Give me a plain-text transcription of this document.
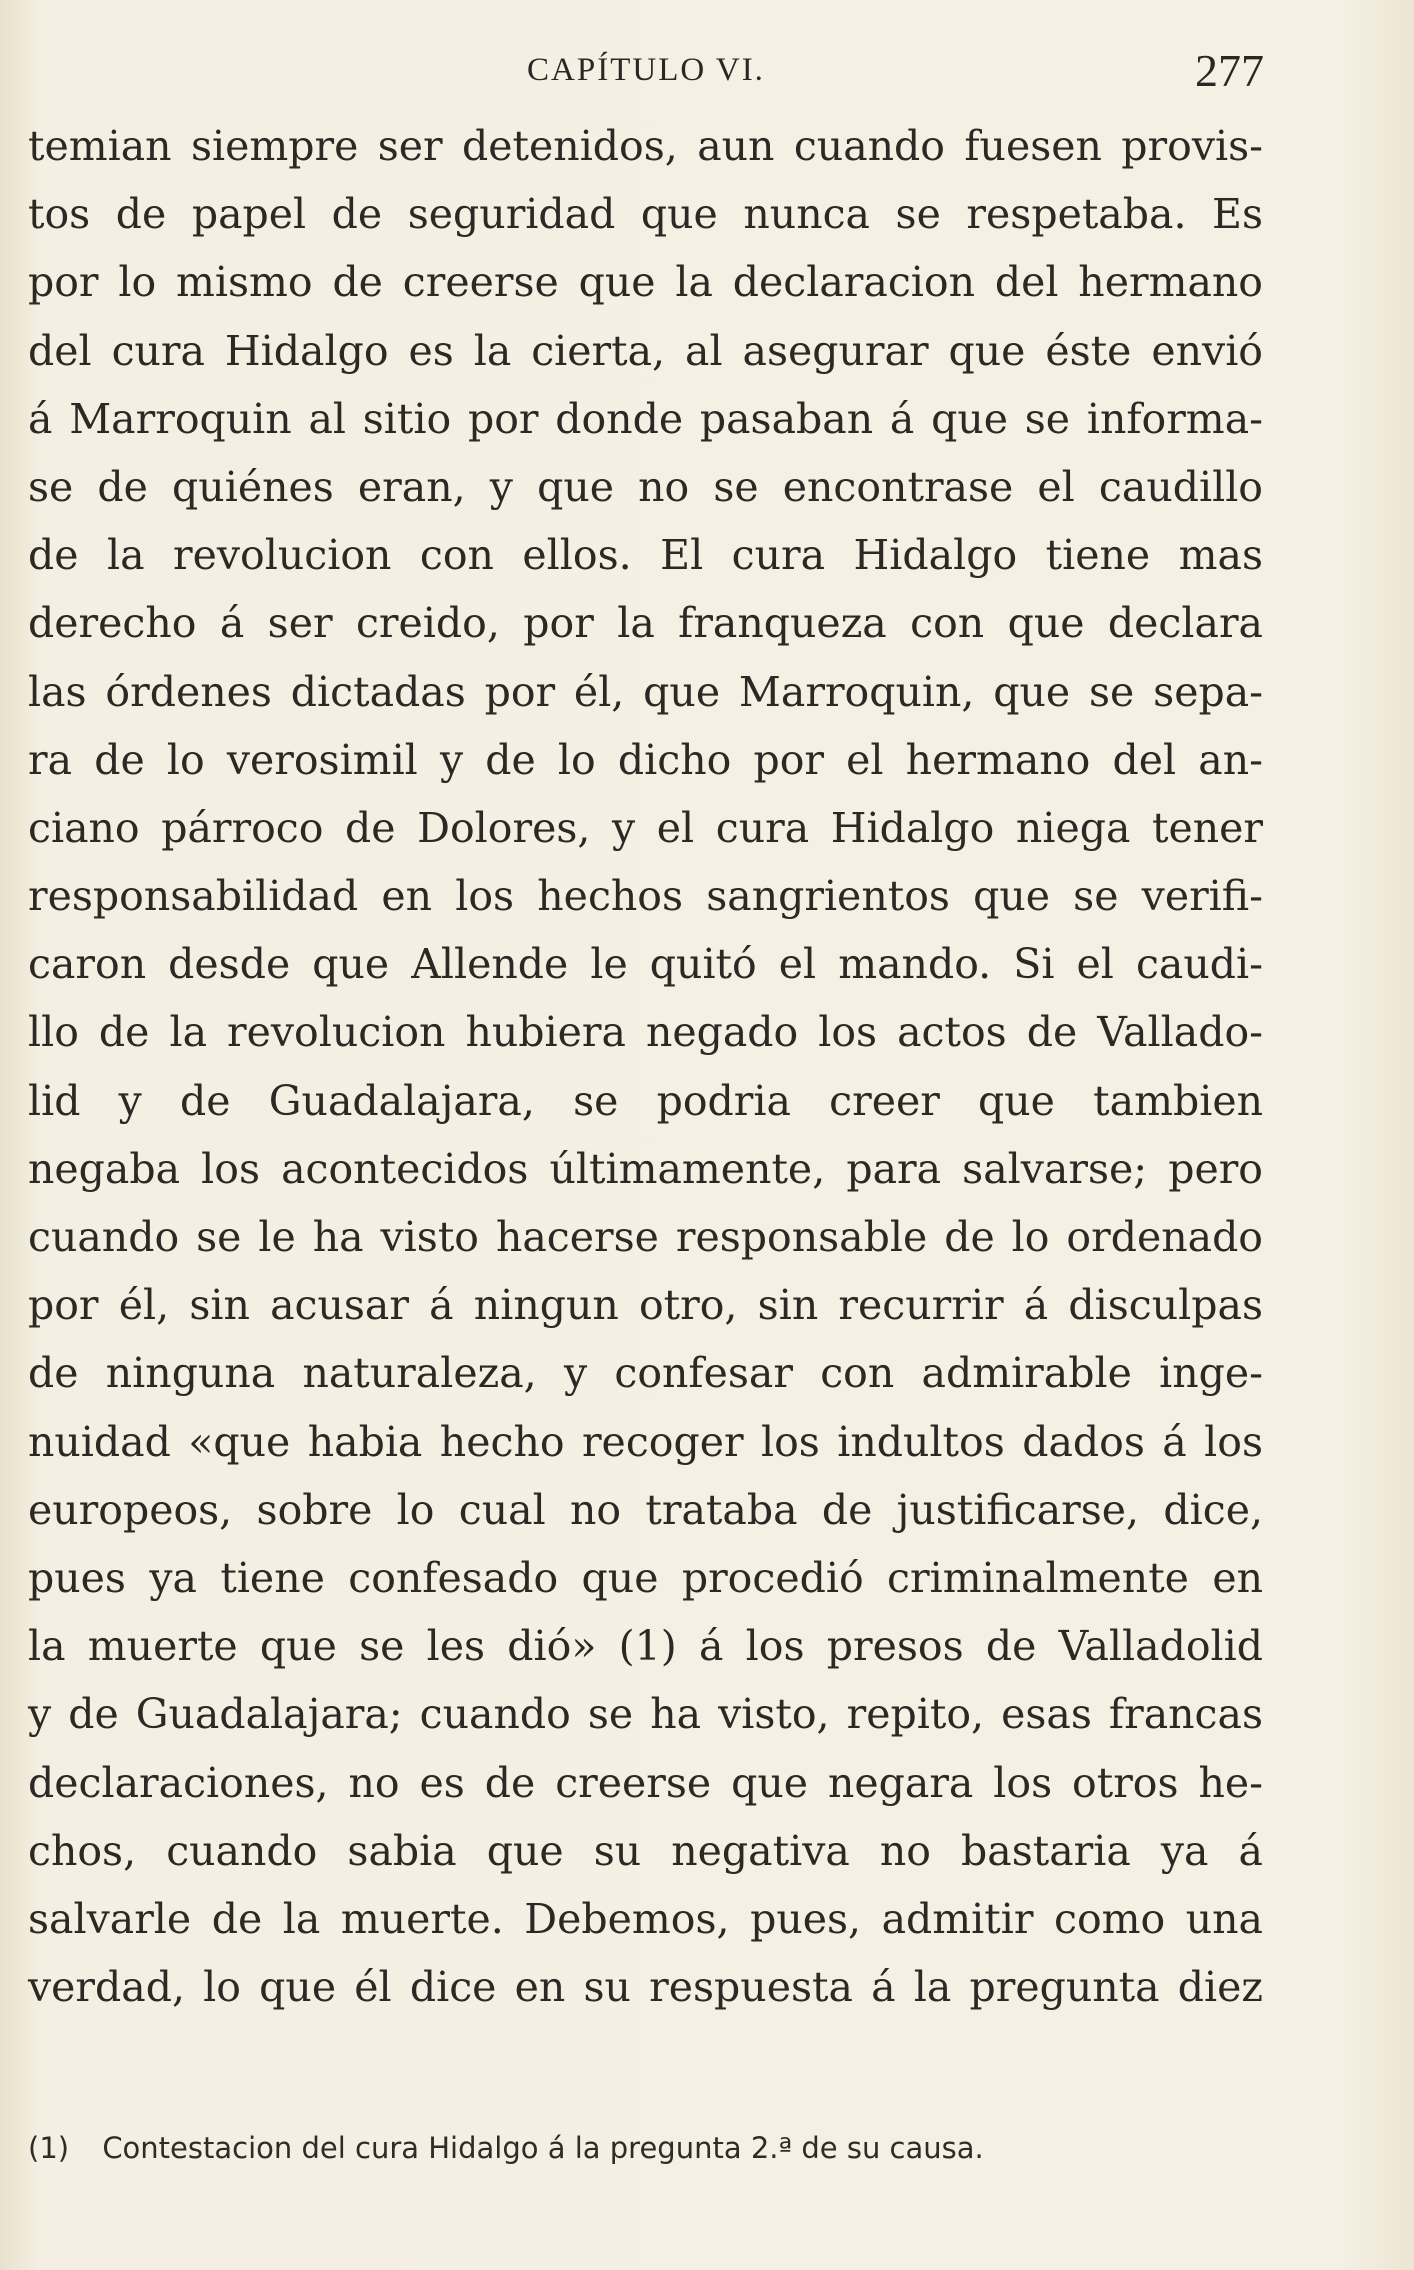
CAPÍTULO VI.	277
temian siempre ser detenidos, aun cuando fuesen provis-
tos de papel de seguridad que nunca se respetaba. Es
por lo mismo de creerse que la declaracion del hermano
del cura Hidalgo es la cierta, al asegurar que éste envió
á Marroquin al sitio por donde pasaban á que se informa-
se de quiénes eran, y que no se encontrase el caudillo
de la revolucion con ellos. El cura Hidalgo tiene mas
derecho á ser creido, por la franqueza con que declara
las órdenes dictadas por él, que Marroquin, que se sepa-
ra de lo verosimil y de lo dicho por el hermano del an-
ciano párroco de Dolores, y el cura Hidalgo niega tener
responsabilidad en los hechos sangrientos que se verifi-
caron desde que Allende le quitó el mando. Si el caudi-
llo de la revolucion hubiera negado los actos de Vallado-
lid y de Guadalajara, se podria creer que tambien
negaba los acontecidos últimamente, para salvarse; pero
cuando se le ha visto hacerse responsable de lo ordenado
por él, sin acusar á ningun otro, sin recurrir á disculpas
de ninguna naturaleza, y confesar con admirable inge-
nuidad «que habia hecho recoger los indultos dados á los
europeos, sobre lo cual no trataba de justificarse, dice,
pues ya tiene confesado que procedió criminalmente en
la muerte que se les dió» (1) á los presos de Valladolid
y de Guadalajara; cuando se ha visto, repito, esas francas
declaraciones, no es de creerse que negara los otros he-
chos, cuando sabia que su negativa no bastaria ya á
salvarle de la muerte. Debemos, pues, admitir como una
verdad, lo que él dice en su respuesta á la pregunta diez
(1) Contestacion del cura Hidalgo á la pregunta 2.ª de su causa.
